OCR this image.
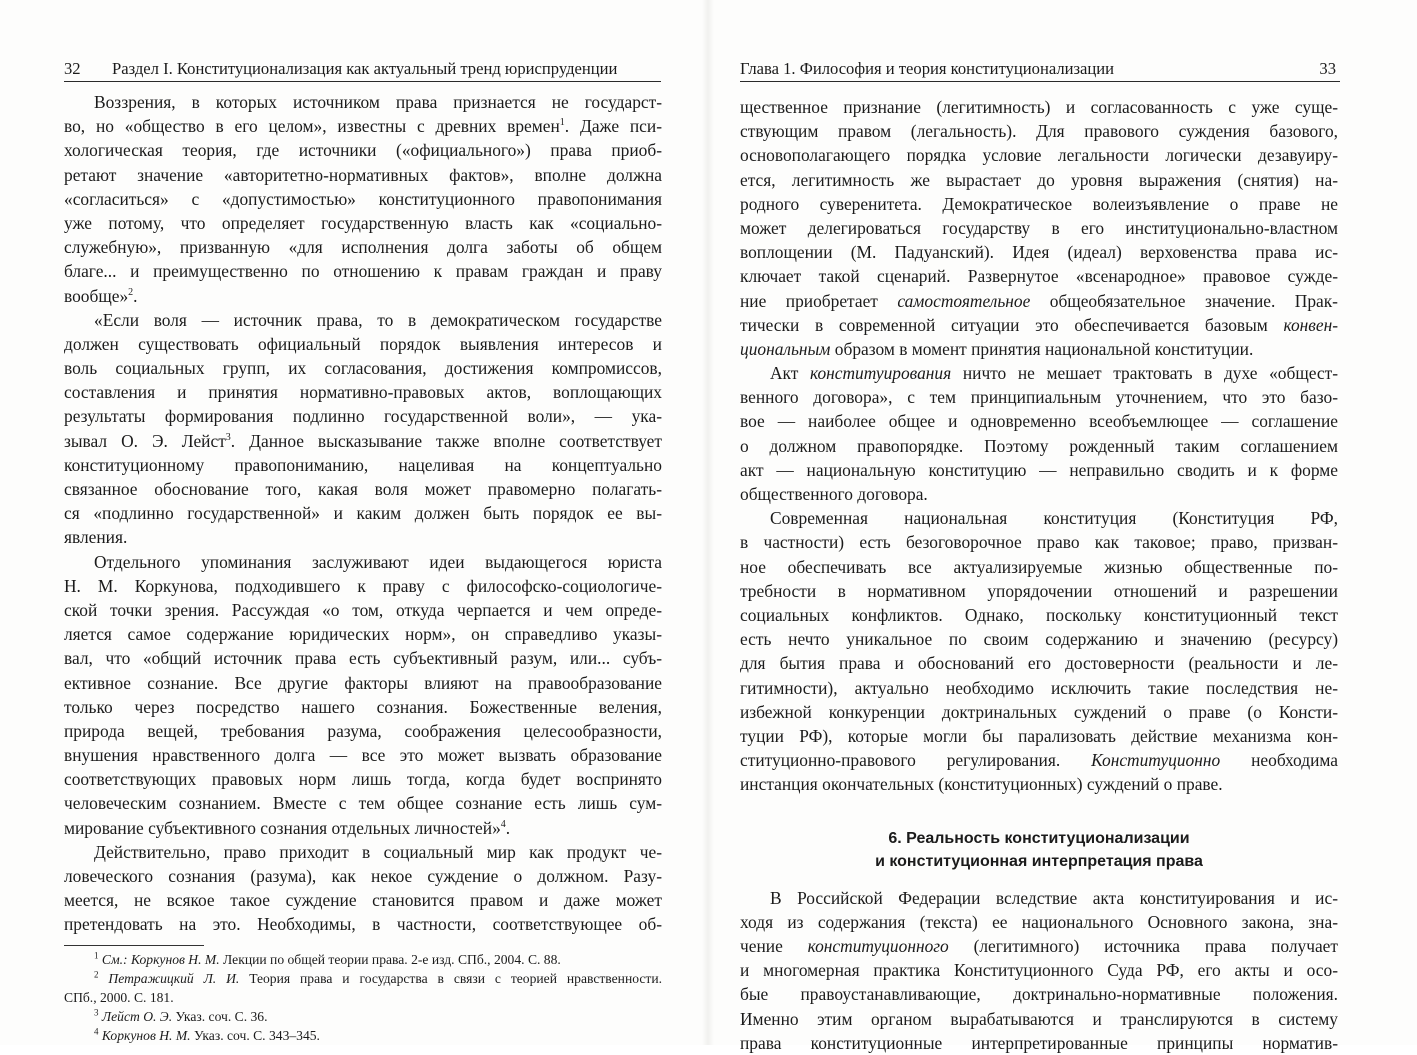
32 Раздел I. Конституционализация как актуальный тренд юриспруденции
Воззрения, в которых источником права признается не государст-
во, но «общество в его целом», известны с древних времен$^1$. Даже пси-
хологическая теория, где источники («официального») права приоб-
ретают значение «авторитетно-нормативных фактов», вполне должна
«согласиться» с «допустимостью» конституционного правопонимания
уже потому, что определяет государственную власть как «социально-
служебную», призванную «для исполнения долга заботы об общем
благе... и преимущественно по отношению к правам граждан и праву
вообще»$^2$.
«Если воля — источник права, то в демократическом государстве
должен существовать официальный порядок выявления интересов и
воль социальных групп, их согласования, достижения компромиссов,
составления и принятия нормативно-правовых актов, воплощающих
результаты формирования подлинно государственной воли», — ука-
зывал О. Э. Лейст$^3$. Данное высказывание также вполне соответствует
конституционному правопониманию, нацеливая на концептуально
связанное обоснование того, какая воля может правомерно полагать-
ся «подлинно государственной» и каким должен быть порядок ее вы-
явления.
Отдельного упоминания заслуживают идеи выдающегося юриста
Н. М. Коркунова, подходившего к праву с философско-социологиче-
ской точки зрения. Рассуждая «о том, откуда черпается и чем опреде-
ляется самое содержание юридических норм», он справедливо указы-
вал, что «общий источник права есть субъективный разум, или... субъ-
ективное сознание. Все другие факторы влияют на правообразование
только через посредство нашего сознания. Божественные веления,
природа вещей, требования разума, соображения целесообразности,
внушения нравственного долга — все это может вызвать образование
соответствующих правовых норм лишь тогда, когда будет воспринято
человеческим сознанием. Вместе с тем общее сознание есть лишь сум-
мирование субъективного сознания отдельных личностей»$^4$.
Действительно, право приходит в социальный мир как продукт че-
ловеческого сознания (разума), как некое суждение о должном. Разу-
меется, не всякое такое суждение становится правом и даже может
претендовать на это. Необходимы, в частности, соответствующее об-
$^1$ См.: Коркунов Н. М. Лекции по общей теории права. 2-е изд. СПб., 2004. С. 88.
$^2$ Петражицкий Л. И. Теория права и государства в связи с теорией нравственности.
СПб., 2000. С. 181.
$^3$ Лейст О. Э. Указ. соч. С. 36.
$^4$ Коркунов Н. М. Указ. соч. С. 343–345.
Глава 1. Философия и теория конституционализации	33
щественное признание (легитимность) и согласованность с уже суще-
ствующим правом (легальность). Для правового суждения базового,
основополагающего порядка условие легальности логически дезавуиру-
ется, легитимность же вырастает до уровня выражения (снятия) на-
родного суверенитета. Демократическое волеизъявление о праве не
может делегироваться государству в его институционально-властном
воплощении (М. Падуанский). Идея (идеал) верховенства права ис-
ключает такой сценарий. Развернутое «всенародное» правовое сужде-
ние приобретает самостоятельное общеобязательное значение. Прак-
тически в современной ситуации это обеспечивается базовым конвен-
циональным образом в момент принятия национальной конституции.
Акт конституирования ничто не мешает трактовать в духе «общест-
венного договора», с тем принципиальным уточнением, что это базо-
вое — наиболее общее и одновременно всеобъемлющее — соглашение
о должном правопорядке. Поэтому рожденный таким соглашением
акт — национальную конституцию — неправильно сводить и к форме
общественного договора.
Современная национальная конституция (Конституция РФ,
в частности) есть безоговорочное право как таковое; право, призван-
ное обеспечивать все актуализируемые жизнью общественные по-
требности в нормативном упорядочении отношений и разрешении
социальных конфликтов. Однако, поскольку конституционный текст
есть нечто уникальное по своим содержанию и значению (ресурсу)
для бытия права и обоснований его достоверности (реальности и ле-
гитимности), актуально необходимо исключить такие последствия не-
избежной конкуренции доктринальных суждений о праве (о Консти-
туции РФ), которые могли бы парализовать действие механизма кон-
ституционно-правового регулирования. Конституционно необходима
инстанция окончательных (конституционных) суждений о праве.
6. Реальность конституционализации
и конституционная интерпретация права
В Российской Федерации вследствие акта конституирования и ис-
ходя из содержания (текста) ее национального Основного закона, зна-
чение конституционного (легитимного) источника права получает
и многомерная практика Конституционного Суда РФ, его акты и осо-
бые правоустанавливающие, доктринально-нормативные положения.
Именно этим органом вырабатываются и транслируются в систему
права конституционные интерпретированные принципы норматив-
